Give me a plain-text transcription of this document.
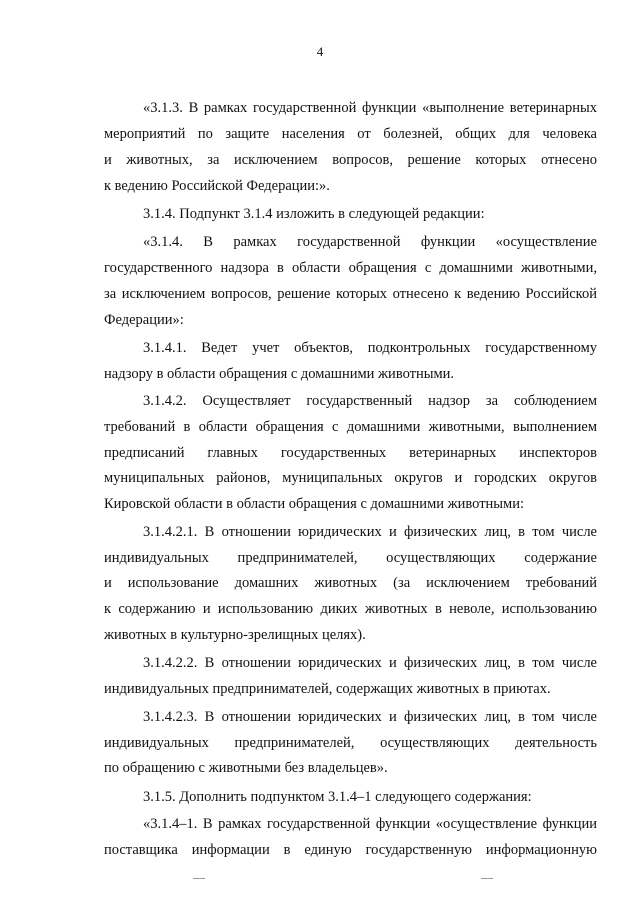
4
«3.1.3. В рамках государственной функции «выполнение ветеринарных
мероприятий по защите населения от болезней, общих для человека
и животных, за исключением вопросов, решение которых отнесено
к ведению Российской Федерации:».
3.1.4. Подпункт 3.1.4 изложить в следующей редакции:
«3.1.4. В рамках государственной функции «осуществление
государственного надзора в области обращения с домашними животными,
за исключением вопросов, решение которых отнесено к ведению Российской
Федерации»:
3.1.4.1. Ведет учет объектов, подконтрольных государственному
надзору в области обращения с домашними животными.
3.1.4.2. Осуществляет государственный надзор за соблюдением
требований в области обращения с домашними животными, выполнением
предписаний главных государственных ветеринарных инспекторов
муниципальных районов, муниципальных округов и городских округов
Кировской области в области обращения с домашними животными:
3.1.4.2.1. В отношении юридических и физических лиц, в том числе
индивидуальных предпринимателей, осуществляющих содержание
и использование домашних животных (за исключением требований
к содержанию и использованию диких животных в неволе, использованию
животных в культурно-зрелищных целях).
3.1.4.2.2. В отношении юридических и физических лиц, в том числе
индивидуальных предпринимателей, содержащих животных в приютах.
3.1.4.2.3. В отношении юридических и физических лиц, в том числе
индивидуальных предпринимателей, осуществляющих деятельность
по обращению с животными без владельцев».
3.1.5. Дополнить подпунктом 3.1.4–1 следующего содержания:
«3.1.4–1. В рамках государственной функции «осуществление функции
поставщика информации в единую государственную информационную
